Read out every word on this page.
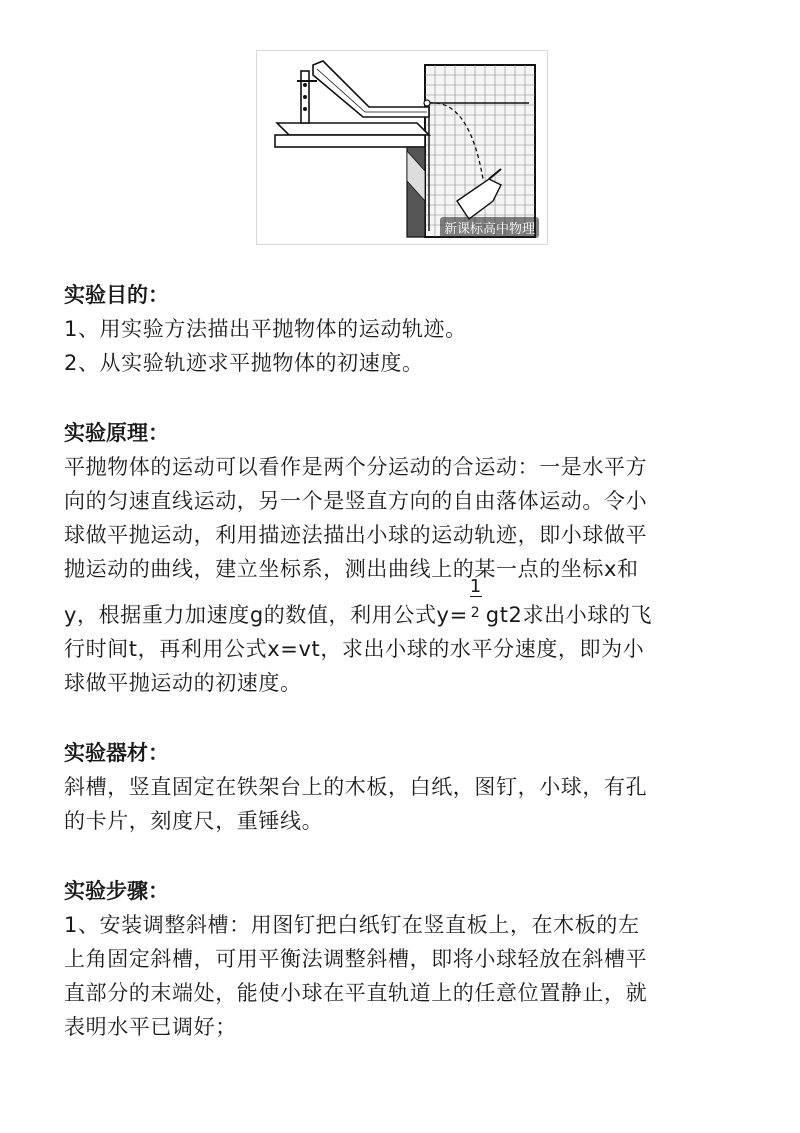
新课标高中物理

实验目的：

1、用实验方法描出平抛物体的运动轨迹。

2、从实验轨迹求平抛物体的初速度。

实验原理：

平抛物体的运动可以看作是两个分运动的合运动：一是水平方

向的匀速直线运动，另一个是竖直方向的自由落体运动。令小

球做平抛运动，利用描迹法描出小球的运动轨迹，即小球做平

抛运动的曲线，建立坐标系，测出曲线上的某一点的坐标x和

y，根据重力加速度g的数值，利用公式$y= \frac{1}{2} gt2$求出小球的飞

行时间t，再利用公式x=vt，求出小球的水平分速度，即为小

球做平抛运动的初速度。

实验器材：

斜槽，竖直固定在铁架台上的木板，白纸，图钉，小球，有孔

的卡片，刻度尺，重锤线。

实验步骤：

1、安装调整斜槽：用图钉把白纸钉在竖直板上，在木板的左

上角固定斜槽，可用平衡法调整斜槽，即将小球轻放在斜槽平

直部分的末端处，能使小球在平直轨道上的任意位置静止，就

表明水平已调好；
